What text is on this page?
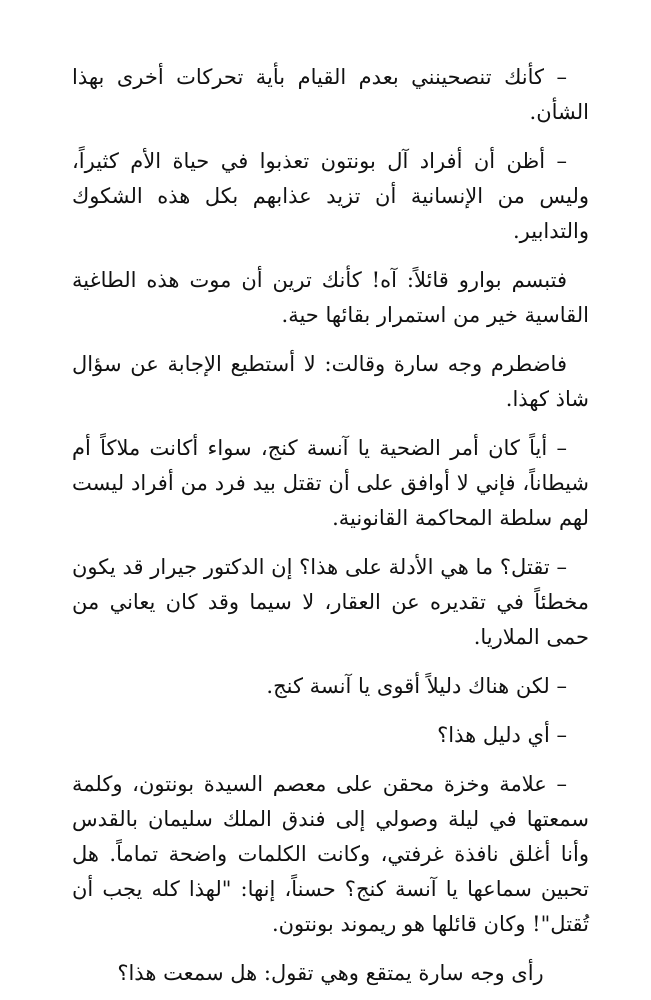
– كأنك تنصحينني بعدم القيام بأية تحركات أخرى بهذا الشأن.

– أظن أن أفراد آل بونتون تعذبوا في حياة الأم كثيراً، وليس من الإنسانية أن تزيد عذابهم بكل هذه الشكوك والتدابير.

فتبسم بوارو قائلاً: آه! كأنك ترين أن موت هذه الطاغية القاسية خير من استمرار بقائها حية.

فاضطرم وجه سارة وقالت: لا أستطيع الإجابة عن سؤال شاذ كهذا.

– أياً كان أمر الضحية يا آنسة كنج، سواء أكانت ملاكاً أم شيطاناً، فإني لا أوافق على أن تقتل بيد فرد من أفراد ليست لهم سلطة المحاكمة القانونية.

– تقتل؟ ما هي الأدلة على هذا؟ إن الدكتور جيرار قد يكون مخطئاً في تقديره عن العقار، لا سيما وقد كان يعاني من حمى الملاريا.

– لكن هناك دليلاً أقوى يا آنسة كنج.

– أي دليل هذا؟

– علامة وخزة محقن على معصم السيدة بونتون، وكلمة سمعتها في ليلة وصولي إلى فندق الملك سليمان بالقدس وأنا أغلق نافذة غرفتي، وكانت الكلمات واضحة تماماً. هل تحبين سماعها يا آنسة كنج؟ حسناً، إنها: "لهذا كله يجب أن تُقتل"! وكان قائلها هو ريموند بونتون.

رأى وجه سارة يمتقع وهي تقول: هل سمعت هذا؟
